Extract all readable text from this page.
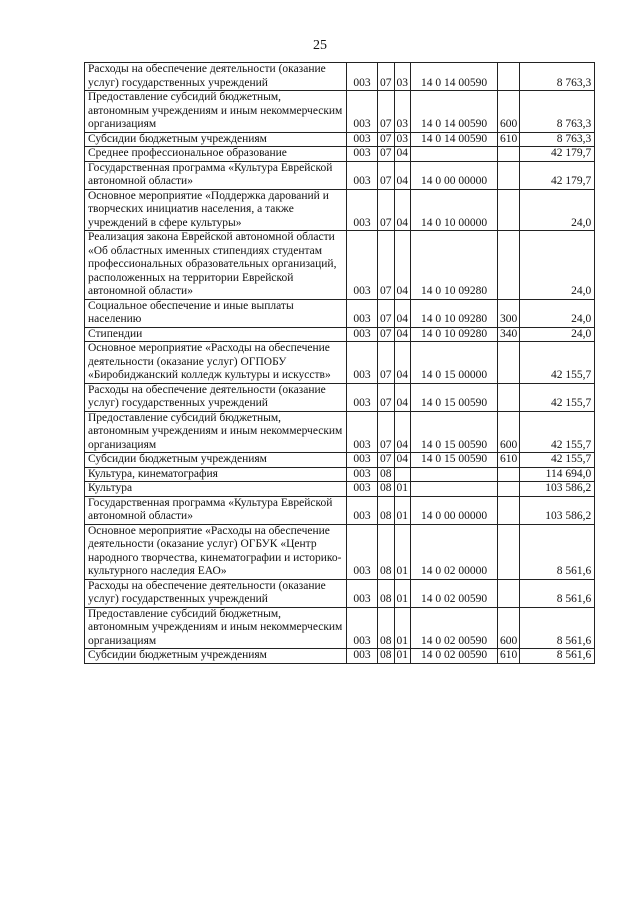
25
Расходы на обеспечение деятельности (оказание услуг) государственных учреждений	003	07	03	14 0 14 00590		8 763,3
Предоставление субсидий бюджетным, автономным учреждениям и иным некоммерческим организациям	003	07	03	14 0 14 00590	600	8 763,3
Субсидии бюджетным учреждениям	003	07	03	14 0 14 00590	610	8 763,3
Среднее профессиональное образование	003	07	04			42 179,7
Государственная программа «Культура Еврейской автономной области»	003	07	04	14 0 00 00000		42 179,7
Основное мероприятие «Поддержка дарований и творческих инициатив населения, а также учреждений в сфере культуры»	003	07	04	14 0 10 00000		24,0
Реализация закона Еврейской автономной области «Об областных именных стипендиях студентам профессиональных образовательных организаций, расположенных на территории Еврейской автономной области»	003	07	04	14 0 10 09280		24,0
Социальное обеспечение и иные выплаты населению	003	07	04	14 0 10 09280	300	24,0
Стипендии	003	07	04	14 0 10 09280	340	24,0
Основное мероприятие «Расходы на обеспечение деятельности (оказание услуг) ОГПОБУ «Биробиджанский колледж культуры и искусств»	003	07	04	14 0 15 00000		42 155,7
Расходы на обеспечение деятельности (оказание услуг) государственных учреждений	003	07	04	14 0 15 00590		42 155,7
Предоставление субсидий бюджетным, автономным учреждениям и иным некоммерческим организациям	003	07	04	14 0 15 00590	600	42 155,7
Субсидии бюджетным учреждениям	003	07	04	14 0 15 00590	610	42 155,7
Культура, кинематография	003	08				114 694,0
Культура	003	08	01			103 586,2
Государственная программа «Культура Еврейской автономной области»	003	08	01	14 0 00 00000		103 586,2
Основное мероприятие «Расходы на обеспечение деятельности (оказание услуг) ОГБУК «Центр народного творчества, кинематографии и историко-культурного наследия ЕАО»	003	08	01	14 0 02 00000		8 561,6
Расходы на обеспечение деятельности (оказание услуг) государственных учреждений	003	08	01	14 0 02 00590		8 561,6
Предоставление субсидий бюджетным, автономным учреждениям и иным некоммерческим организациям	003	08	01	14 0 02 00590	600	8 561,6
Субсидии бюджетным учреждениям	003	08	01	14 0 02 00590	610	8 561,6
